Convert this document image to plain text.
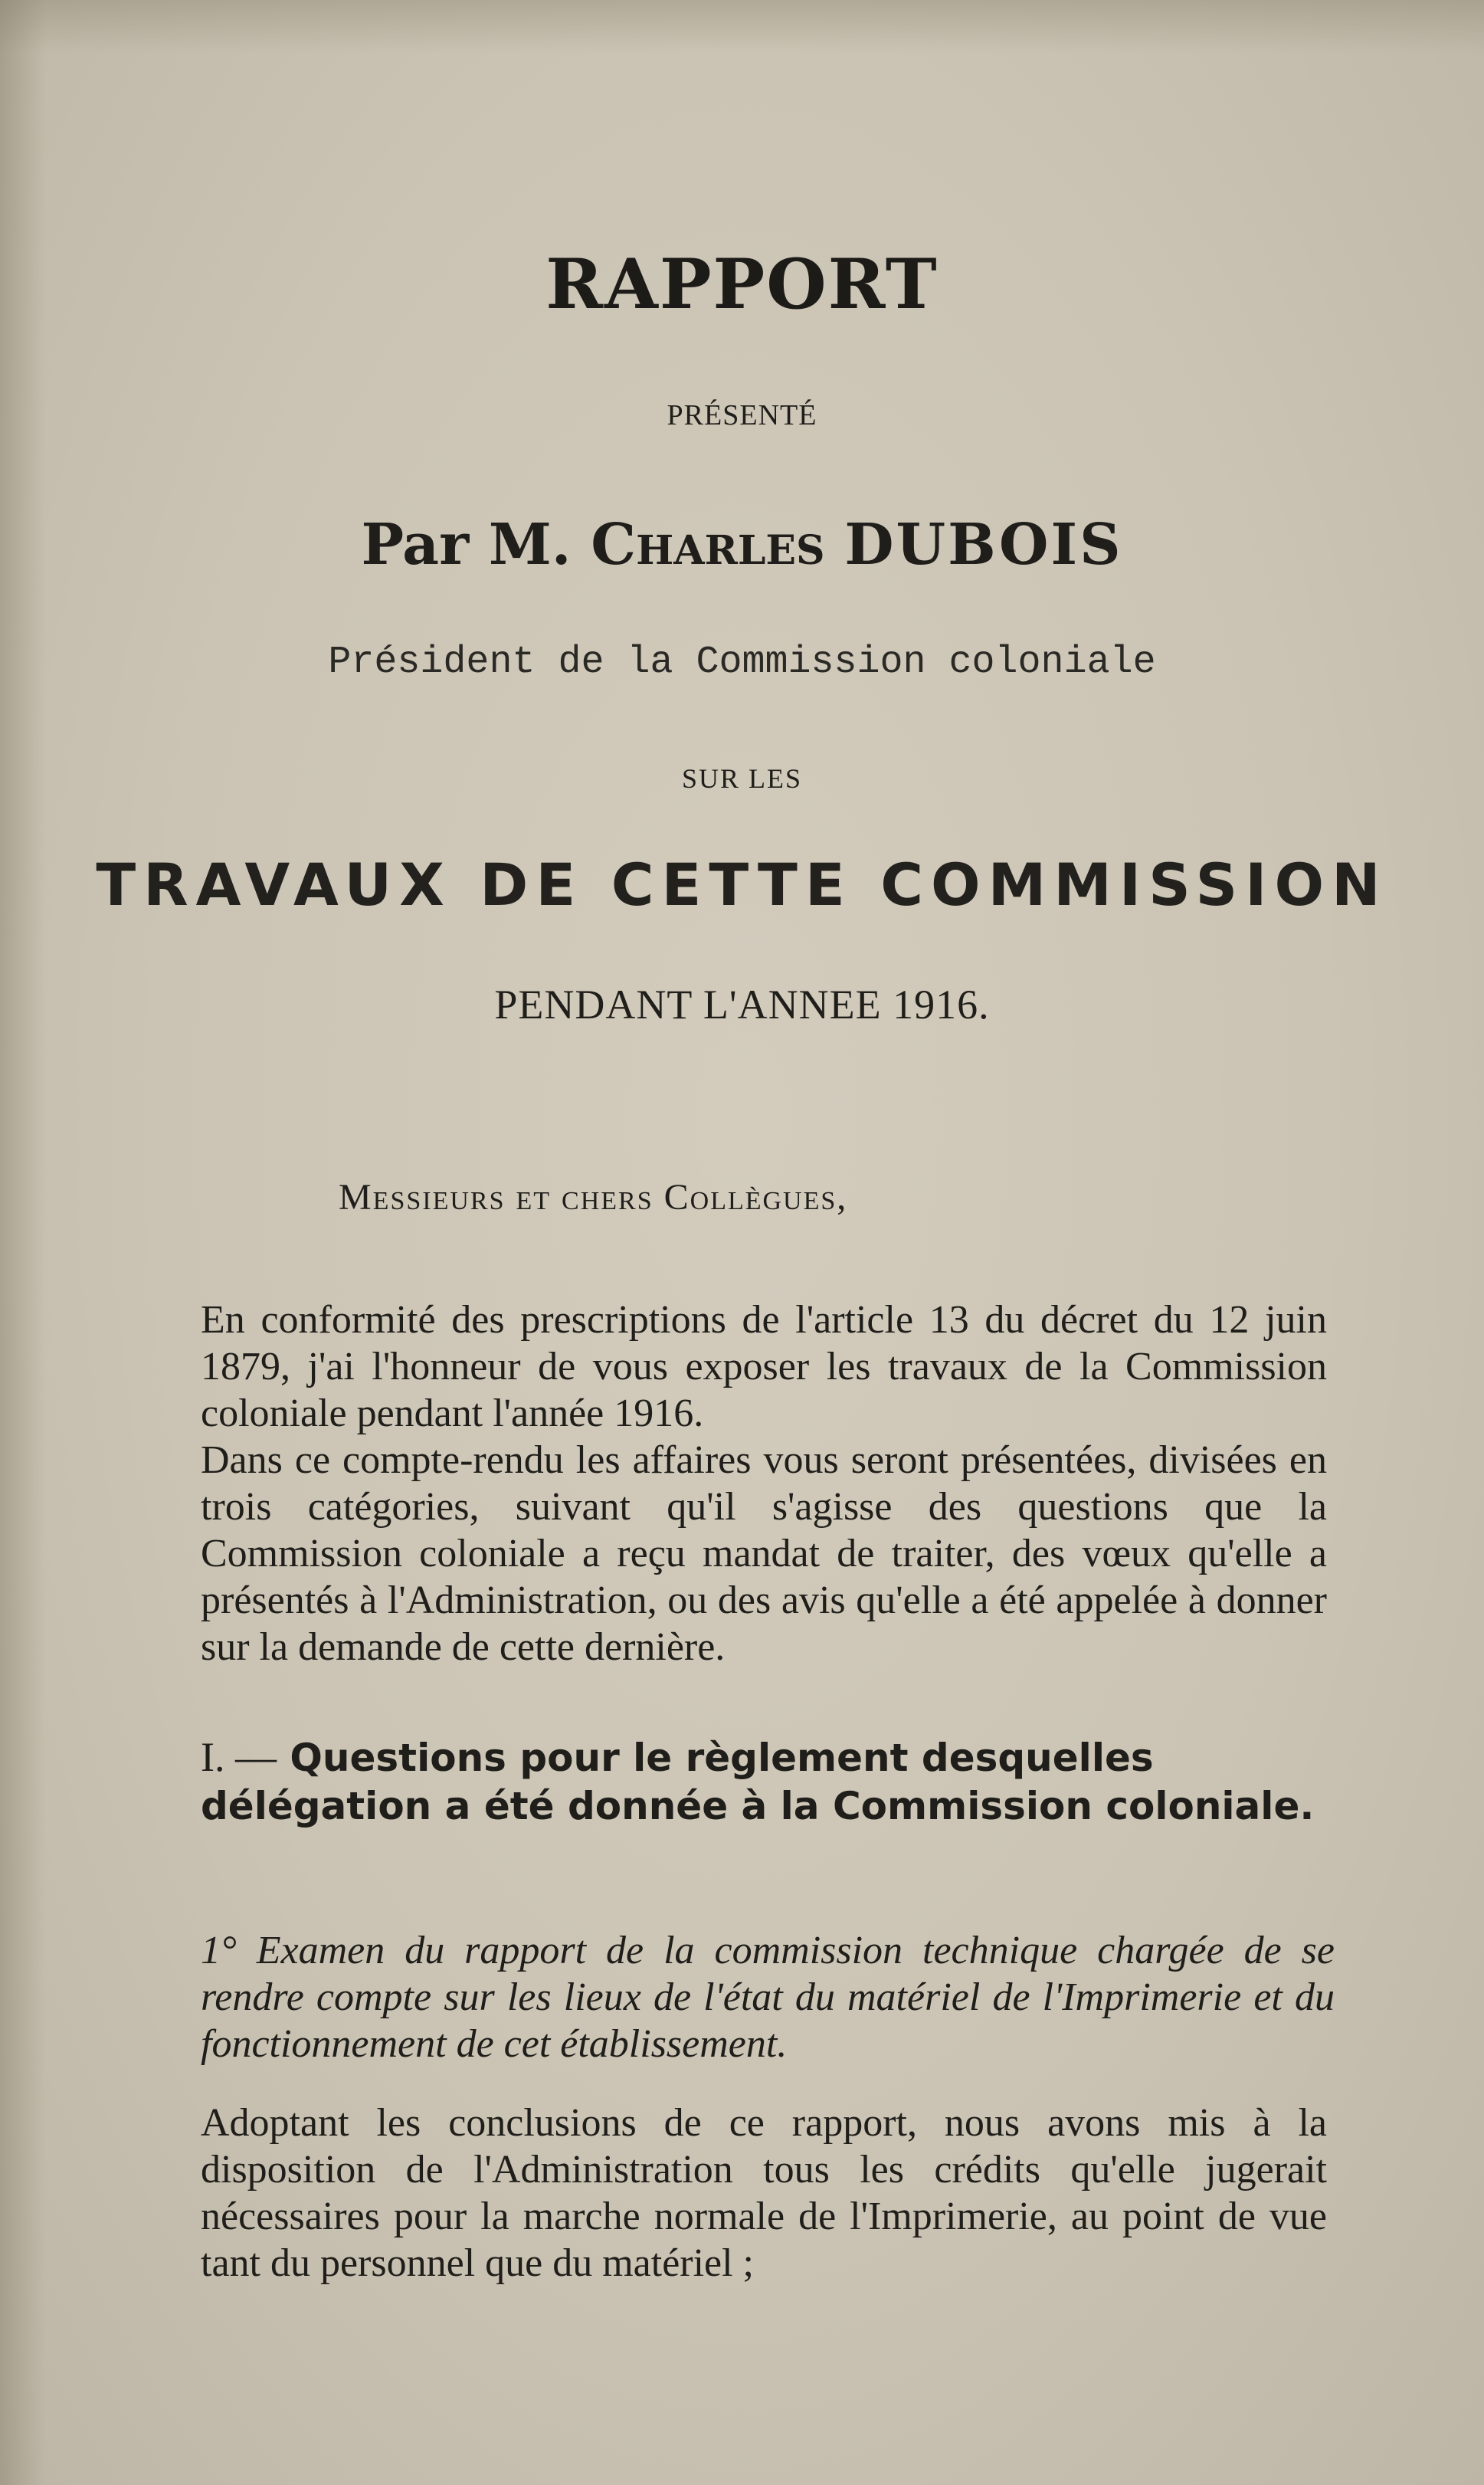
RAPPORT
PRÉSENTÉ
Par M. Charles DUBOIS
Président de la Commission coloniale
SUR LES
TRAVAUX DE CETTE COMMISSION
PENDANT L'ANNEE 1916.
Messieurs et chers Collègues,
En conformité des prescriptions de l'article 13 du décret du 12 juin 1879, j'ai l'honneur de vous exposer les travaux de la Commission coloniale pendant l'année 1916.
Dans ce compte-rendu les affaires vous seront présentées, divisées en trois catégories, suivant qu'il s'agisse des questions que la Commission coloniale a reçu mandat de traiter, des vœux qu'elle a présentés à l'Administration, ou des avis qu'elle a été appelée à donner sur la demande de cette dernière.
I. — Questions pour le règlement desquelles délégation a été donnée à la Commission coloniale.
1° Examen du rapport de la commission technique chargée de se rendre compte sur les lieux de l'état du matériel de l'Imprimerie et du fonctionnement de cet établissement.
Adoptant les conclusions de ce rapport, nous avons mis à la disposition de l'Administration tous les crédits qu'elle jugerait nécessaires pour la marche normale de l'Imprimerie, au point de vue tant du personnel que du matériel ;
